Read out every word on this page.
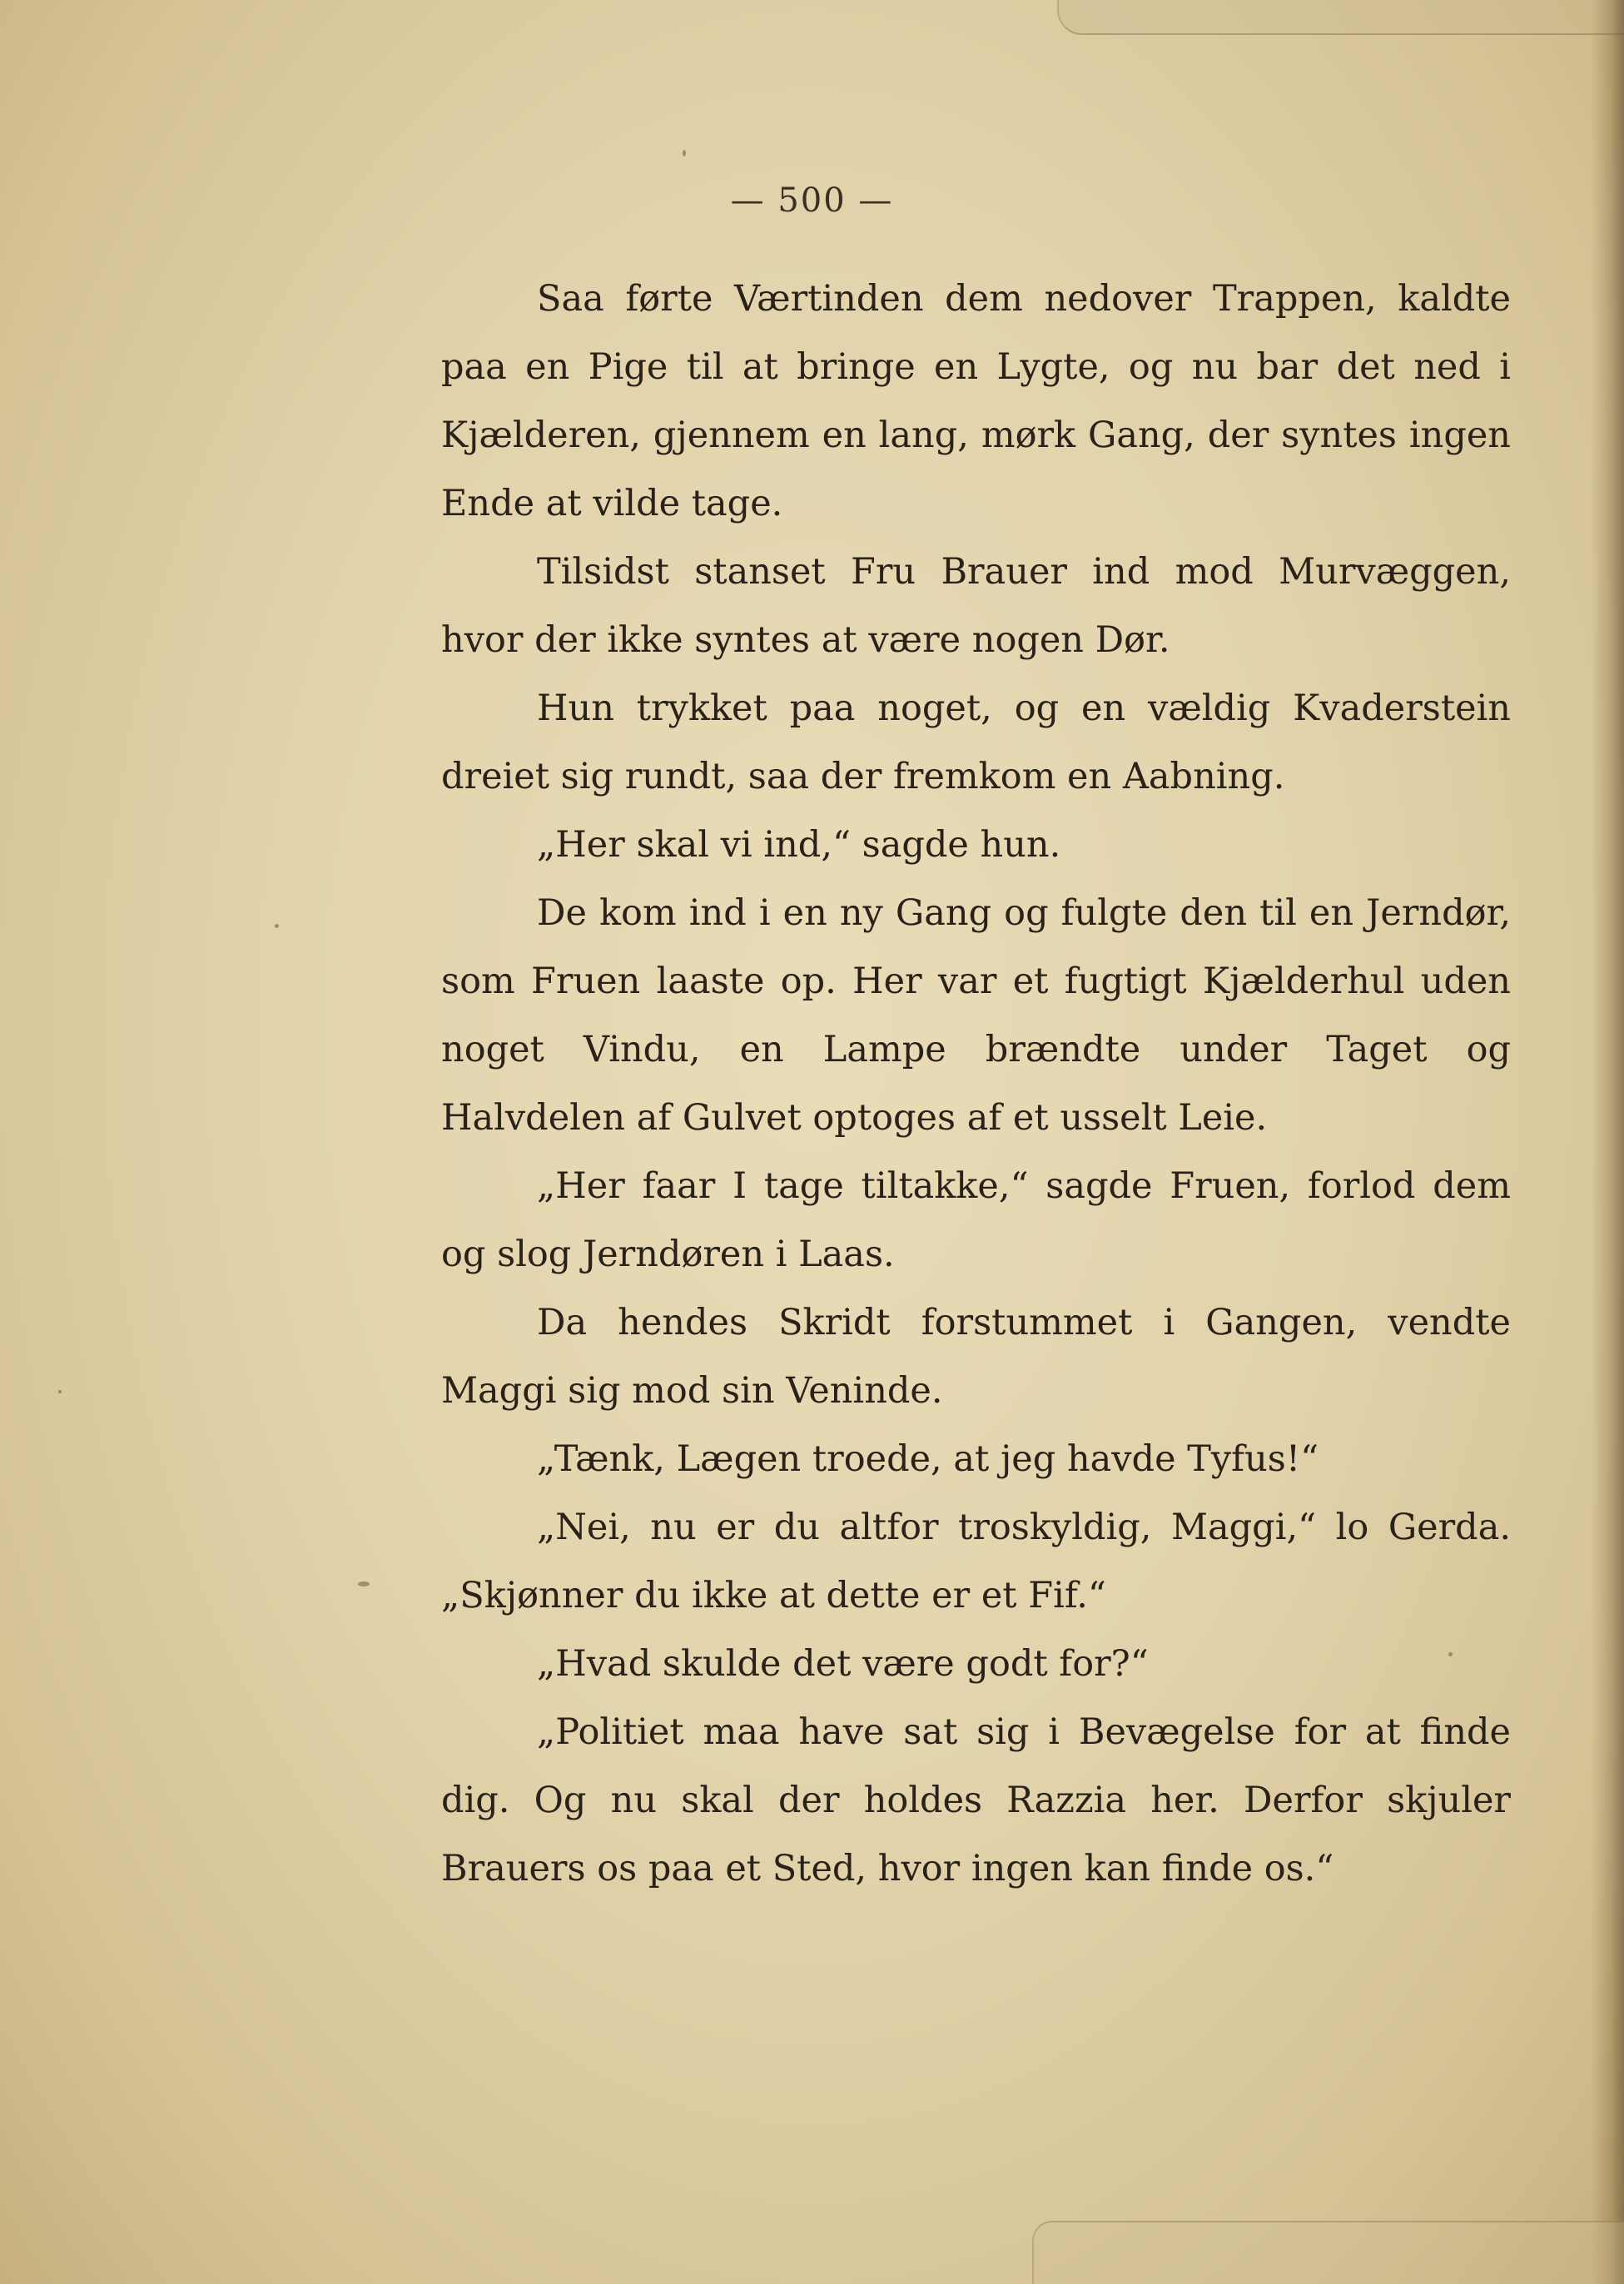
— 500 —

Saa førte Værtinden dem nedover Trappen, kaldte paa en Pige til at bringe en Lygte, og nu bar det ned i Kjælderen, gjennem en lang, mørk Gang, der syntes ingen Ende at vilde tage.

Tilsidst stanset Fru Brauer ind mod Murvæggen, hvor der ikke syntes at være nogen Dør.

Hun trykket paa noget, og en vældig Kvaderstein dreiet sig rundt, saa der fremkom en Aabning.

„Her skal vi ind,“ sagde hun.

De kom ind i en ny Gang og fulgte den til en Jerndør, som Fruen laaste op. Her var et fugtigt Kjælderhul uden noget Vindu, en Lampe brændte under Taget og Halvdelen af Gulvet optoges af et usselt Leie.

„Her faar I tage tiltakke,“ sagde Fruen, forlod dem og slog Jerndøren i Laas.

Da hendes Skridt forstummet i Gangen, vendte Maggi sig mod sin Veninde.

„Tænk, Lægen troede, at jeg havde Tyfus!“

„Nei, nu er du altfor troskyldig, Maggi,“ lo Gerda. „Skjønner du ikke at dette er et Fif.“

„Hvad skulde det være godt for?“

„Politiet maa have sat sig i Bevægelse for at finde dig. Og nu skal der holdes Razzia her. Derfor skjuler Brauers os paa et Sted, hvor ingen kan finde os.“
